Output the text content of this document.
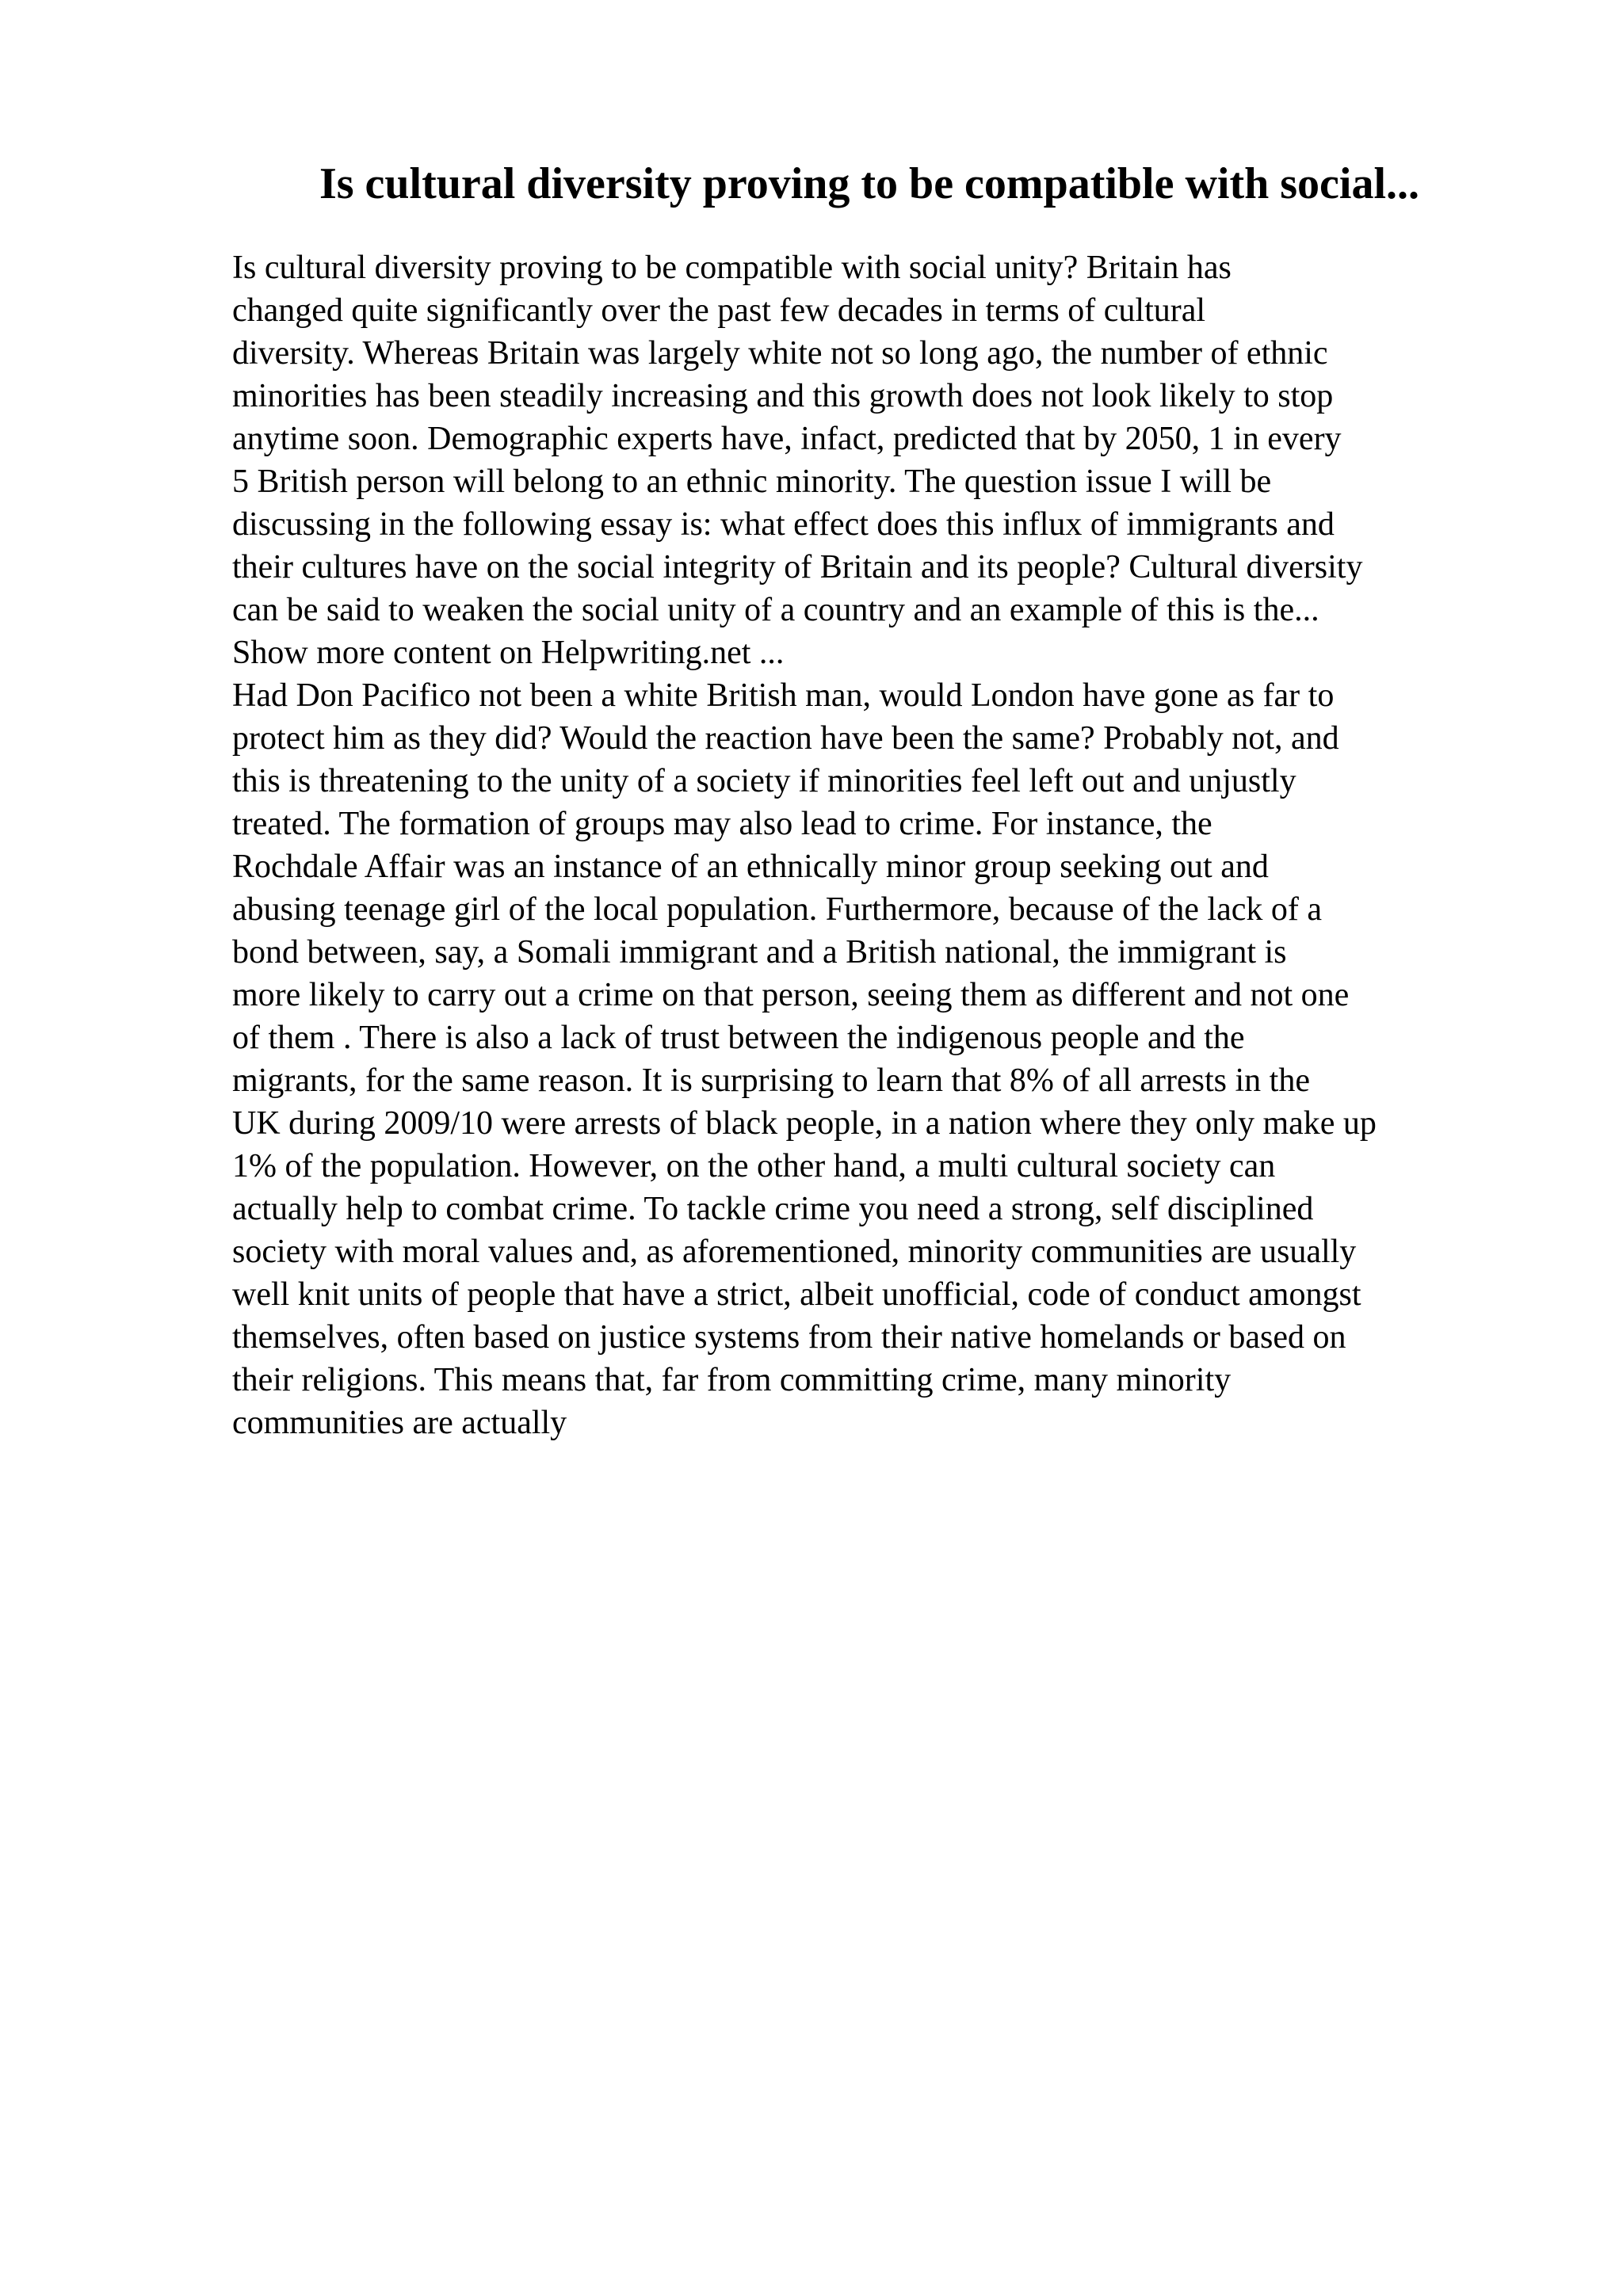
Is cultural diversity proving to be compatible with social...
Is cultural diversity proving to be compatible with social unity? Britain has
changed quite significantly over the past few decades in terms of cultural
diversity. Whereas Britain was largely white not so long ago, the number of ethnic
minorities has been steadily increasing and this growth does not look likely to stop
anytime soon. Demographic experts have, infact, predicted that by 2050, 1 in every
5 British person will belong to an ethnic minority. The question issue I will be
discussing in the following essay is: what effect does this influx of immigrants and
their cultures have on the social integrity of Britain and its people? Cultural diversity
can be said to weaken the social unity of a country and an example of this is the...
Show more content on Helpwriting.net ...
Had Don Pacifico not been a white British man, would London have gone as far to
protect him as they did? Would the reaction have been the same? Probably not, and
this is threatening to the unity of a society if minorities feel left out and unjustly
treated. The formation of groups may also lead to crime. For instance, the
Rochdale Affair was an instance of an ethnically minor group seeking out and
abusing teenage girl of the local population. Furthermore, because of the lack of a
bond between, say, a Somali immigrant and a British national, the immigrant is
more likely to carry out a crime on that person, seeing them as different and not one
of them . There is also a lack of trust between the indigenous people and the
migrants, for the same reason. It is surprising to learn that 8% of all arrests in the
UK during 2009/10 were arrests of black people, in a nation where they only make up
1% of the population. However, on the other hand, a multi cultural society can
actually help to combat crime. To tackle crime you need a strong, self disciplined
society with moral values and, as aforementioned, minority communities are usually
well knit units of people that have a strict, albeit unofficial, code of conduct amongst
themselves, often based on justice systems from their native homelands or based on
their religions. This means that, far from committing crime, many minority
communities are actually
